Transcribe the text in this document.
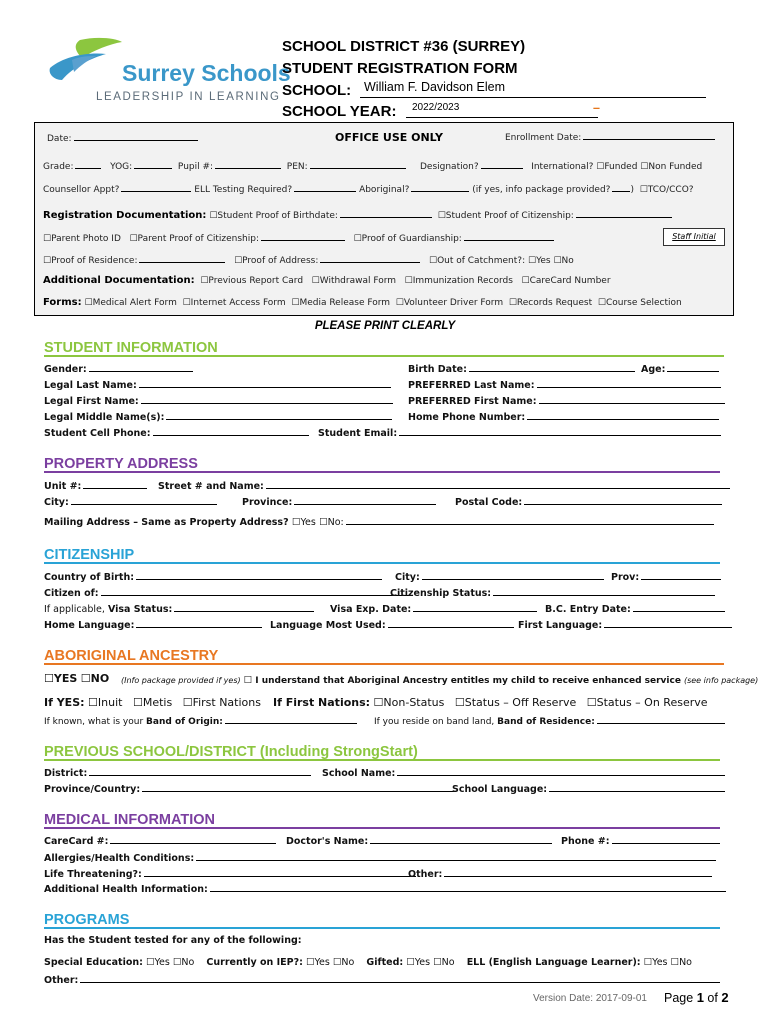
Surrey Schools
LEADERSHIP IN LEARNING
SCHOOL DISTRICT #36 (SURREY)
STUDENT REGISTRATION FORM
SCHOOL: William F. Davidson Elem
SCHOOL YEAR: 2022/2023	–
Date:	OFFICE USE ONLY	Enrollment Date:
Grade:	YOG:	Pupil #:	PEN:	Designation?	International? ☐Funded ☐Non Funded
Counsellor Appt?	ELL Testing Required?	Aboriginal?	(if yes, info package provided? ) ☐TCO/CCO?
Registration Documentation: ☐Student Proof of Birthdate:	☐Student Proof of Citizenship:
☐Parent Photo ID ☐Parent Proof of Citizenship:	☐Proof of Guardianship:	Staff Initial
☐Proof of Residence:	☐Proof of Address:	☐Out of Catchment?: ☐Yes ☐No
Additional Documentation: ☐Previous Report Card ☐Withdrawal Form ☐Immunization Records ☐CareCard Number
Forms: ☐Medical Alert Form ☐Internet Access Form ☐Media Release Form ☐Volunteer Driver Form ☐Records Request ☐Course Selection
PLEASE PRINT CLEARLY
STUDENT INFORMATION
Gender:	Birth Date:	Age:
Legal Last Name:	PREFERRED Last Name:
Legal First Name:	PREFERRED First Name:
Legal Middle Name(s):	Home Phone Number:
Student Cell Phone:	Student Email:
PROPERTY ADDRESS
Unit #:	Street # and Name:
City:	Province:	Postal Code:
Mailing Address – Same as Property Address? ☐Yes ☐No:
CITIZENSHIP
Country of Birth:	City:	Prov:
Citizen of:	Citizenship Status:
If applicable, Visa Status:	Visa Exp. Date:	B.C. Entry Date:
Home Language:	Language Most Used:	First Language:
ABORIGINAL ANCESTRY
☐YES ☐NO (Info package provided if yes) ☐ I understand that Aboriginal Ancestry entitles my child to receive enhanced service (see info package)
If YES: ☐Inuit ☐Metis ☐First Nations If First Nations: ☐Non-Status ☐Status – Off Reserve ☐Status – On Reserve
If known, what is your Band of Origin:	If you reside on band land, Band of Residence:
PREVIOUS SCHOOL/DISTRICT (Including StrongStart)
District:	School Name:
Province/Country:	School Language:
MEDICAL INFORMATION
CareCard #:	Doctor's Name:	Phone #:
Allergies/Health Conditions:
Life Threatening?:	Other:
Additional Health Information:
PROGRAMS
Has the Student tested for any of the following:
Special Education: ☐Yes ☐No Currently on IEP?: ☐Yes ☐No Gifted: ☐Yes ☐No ELL (English Language Learner): ☐Yes ☐No
Other:
Version Date: 2017-09-01 Page 1 of 2
